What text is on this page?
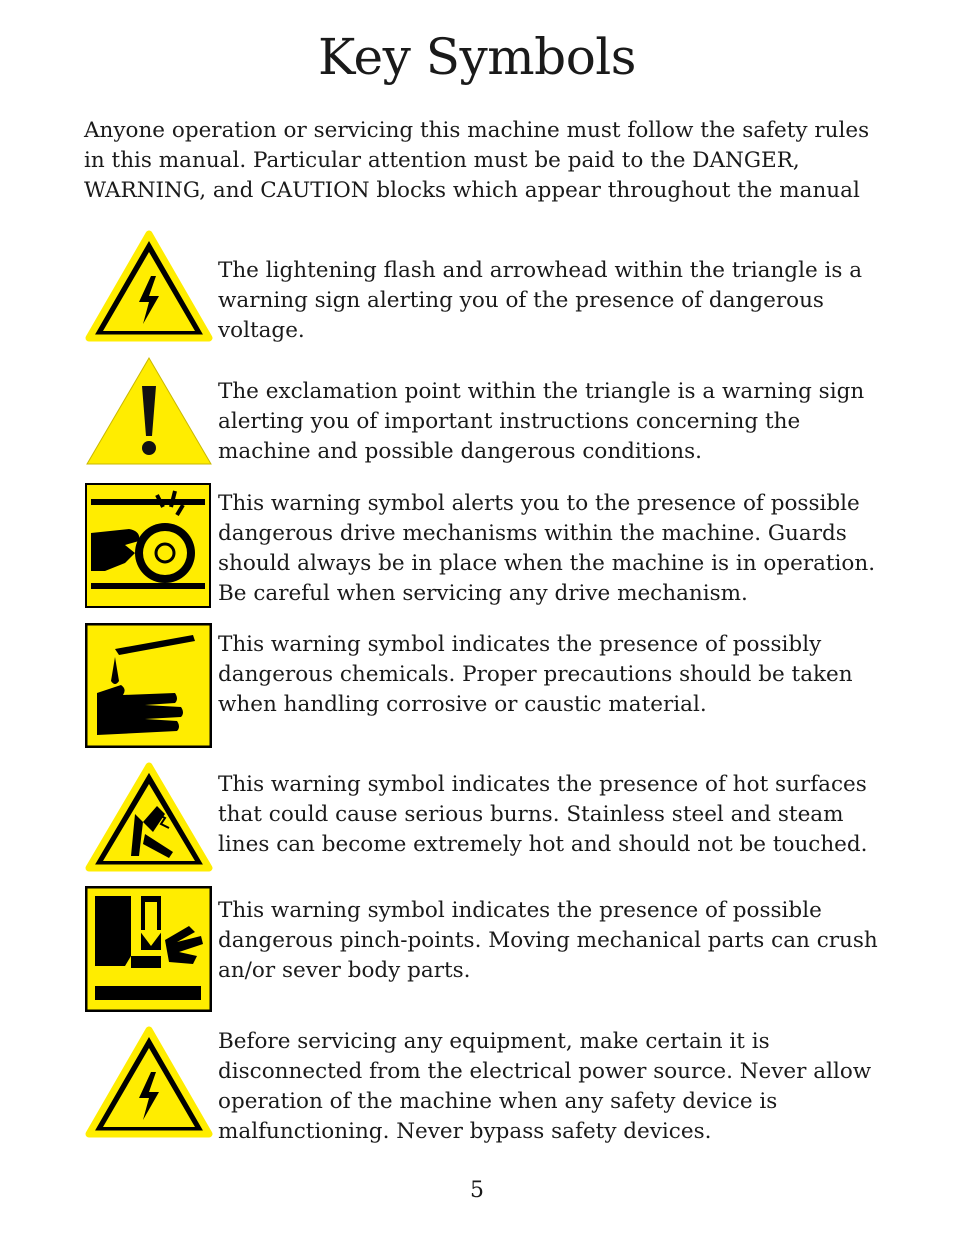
Key Symbols

Anyone operation or servicing this machine must follow the safety rules in this manual. Particular attention must be paid to the DANGER, WARNING, and CAUTION blocks which appear throughout the manual

The lightening flash and arrowhead within the triangle is a warning sign alerting you of the presence of dangerous voltage.

The exclamation point within the triangle is a warning sign alerting you of important instructions concerning the machine and possible dangerous conditions.

This warning symbol alerts you to the presence of possible dangerous drive mechanisms within the machine. Guards should always be in place when the machine is in operation. Be careful when servicing any drive mechanism.

This warning symbol indicates the presence of possibly dangerous chemicals. Proper precautions should be taken when handling corrosive or caustic material.

This warning symbol indicates the presence of hot surfaces that could cause serious burns. Stainless steel and steam lines can become extremely hot and should not be touched.

This warning symbol indicates the presence of possible dangerous pinch-points. Moving mechanical parts can crush an/or sever body parts.

Before servicing any equipment, make certain it is disconnected from the electrical power source. Never allow operation of the machine when any safety device is malfunctioning. Never bypass safety devices.

5
